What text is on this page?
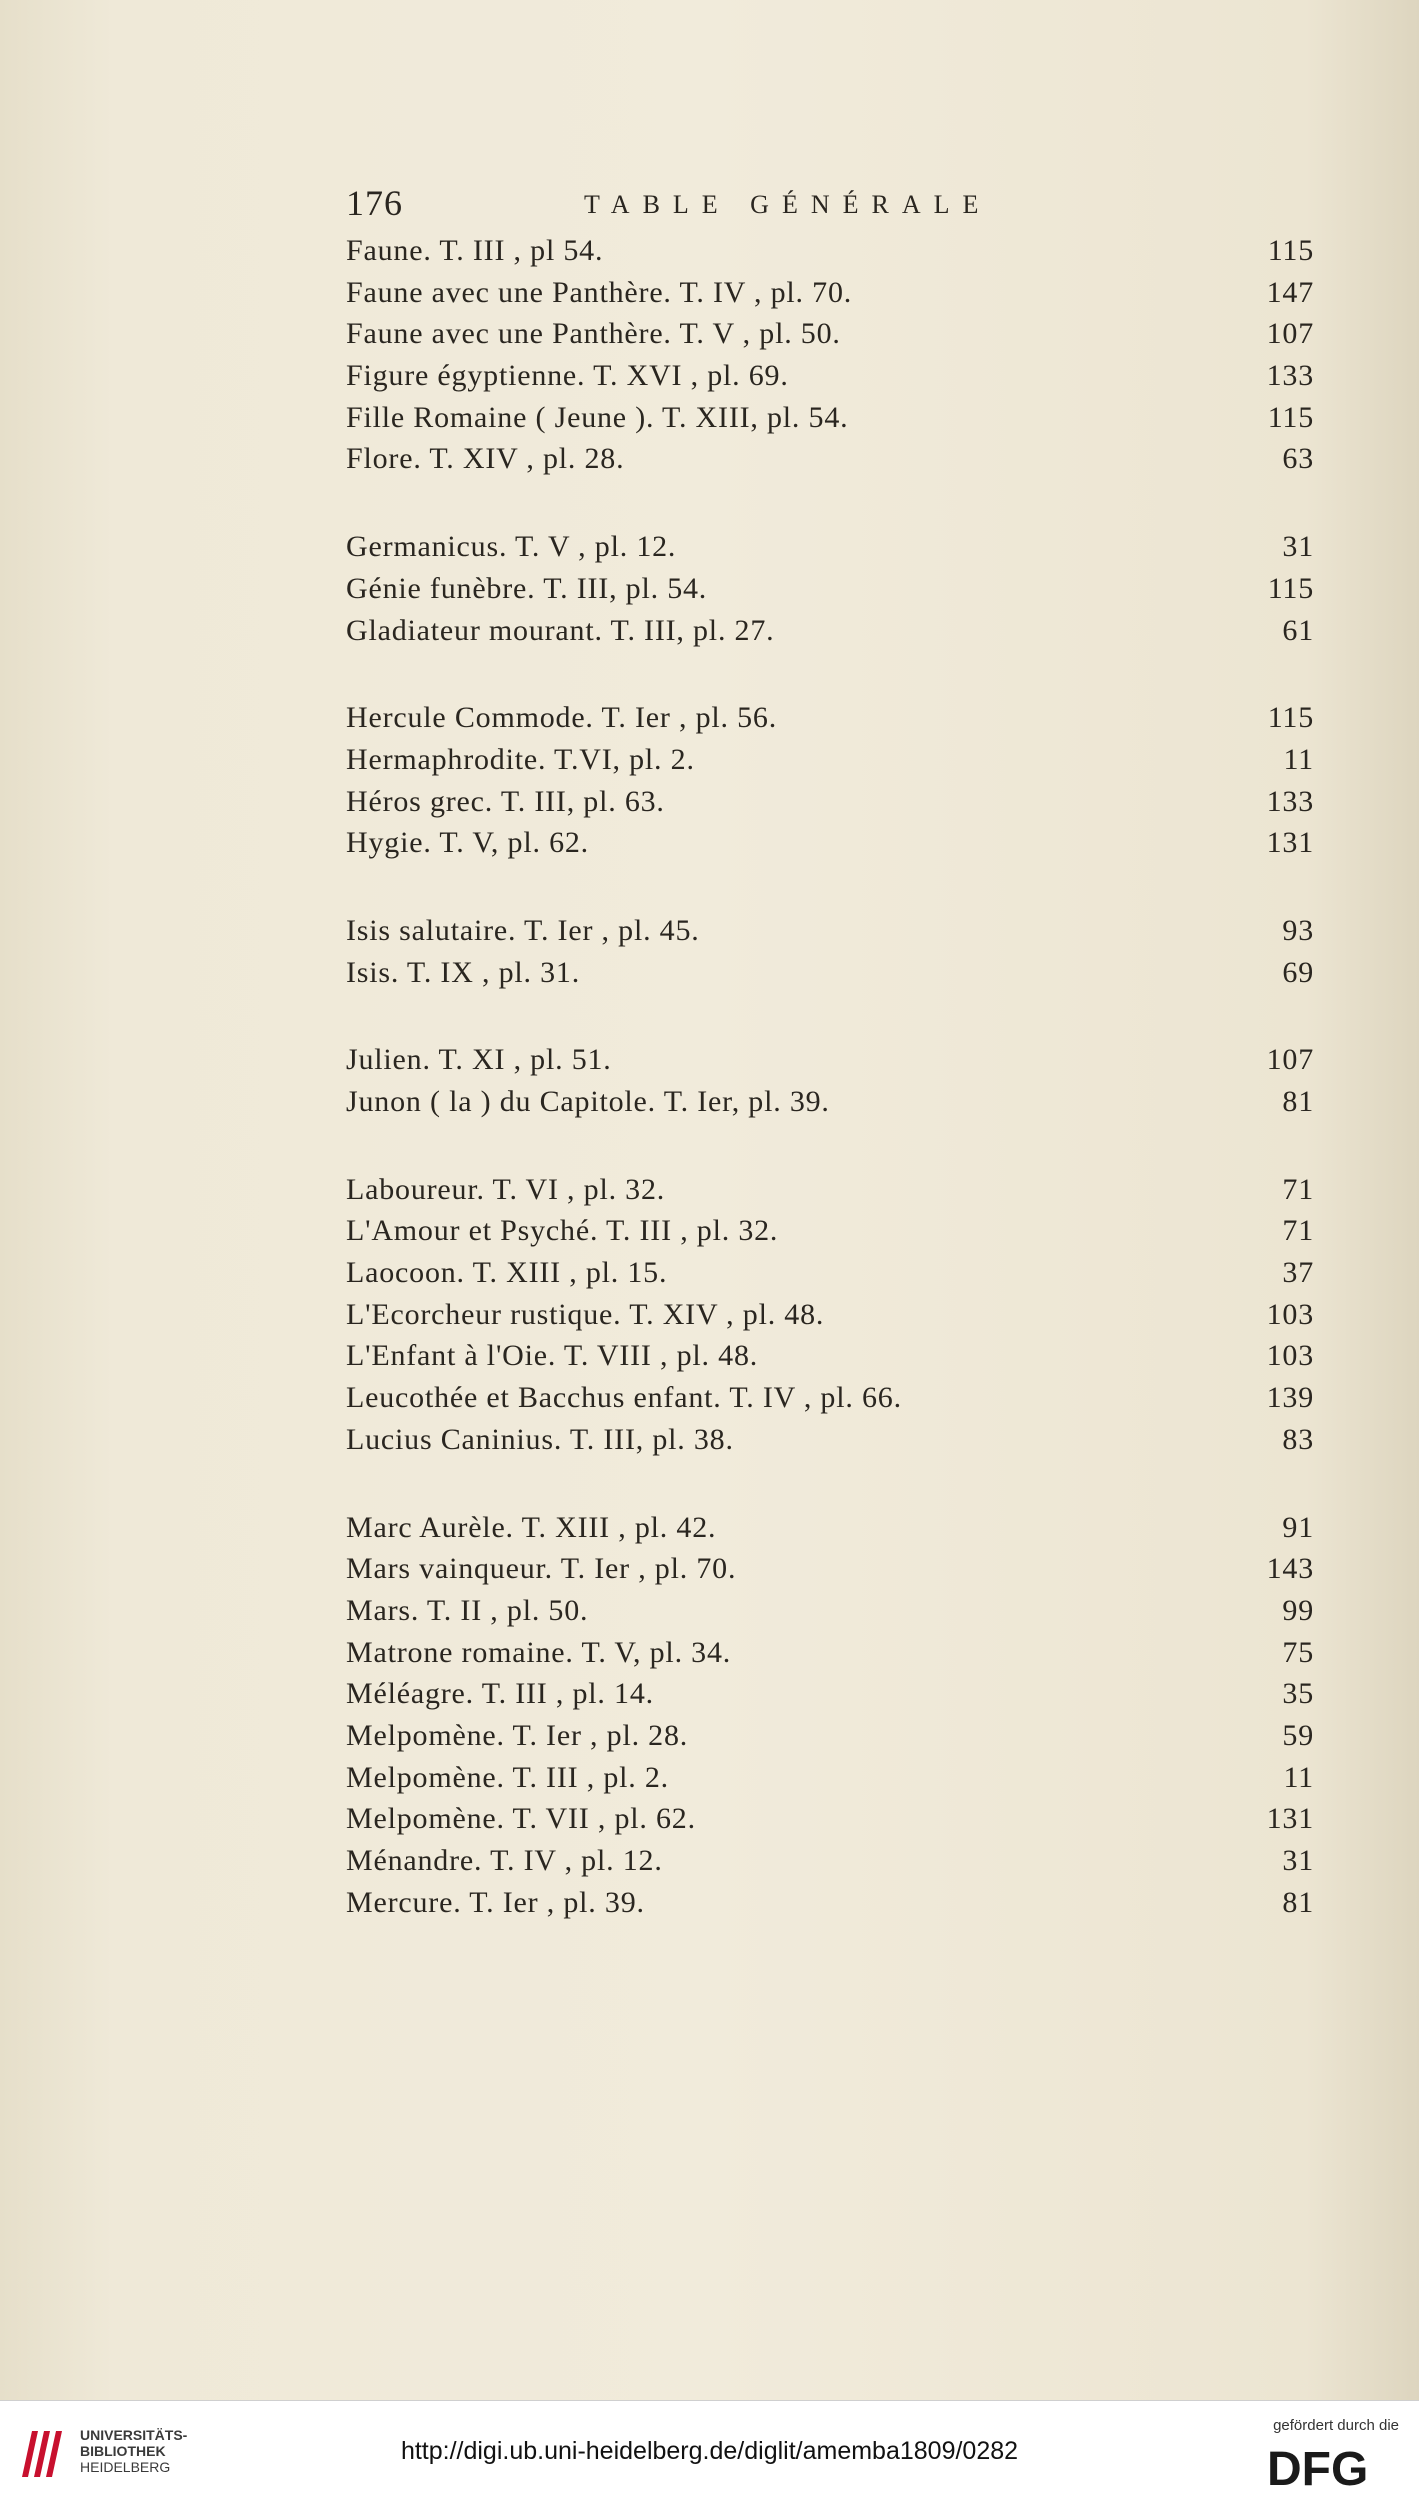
176	TABLE GÉNÉRALE
Faune. T. III , pl 54.	115
Faune avec une Panthère. T. IV , pl. 70.	147
Faune avec une Panthère. T. V , pl. 50.	107
Figure égyptienne. T. XVI , pl. 69.	133
Fille Romaine ( Jeune ). T. XIII, pl. 54.	115
Flore. T. XIV , pl. 28.	63
Germanicus. T. V , pl. 12.	31
Génie funèbre. T. III, pl. 54.	115
Gladiateur mourant. T. III, pl. 27.	61
Hercule Commode. T. Ier , pl. 56.	115
Hermaphrodite. T.VI, pl. 2.	11
Héros grec. T. III, pl. 63.	133
Hygie. T. V, pl. 62.	131
Isis salutaire. T. Ier , pl. 45.	93
Isis. T. IX , pl. 31.	69
Julien. T. XI , pl. 51.	107
Junon ( la ) du Capitole. T. Ier, pl. 39.	81
Laboureur. T. VI , pl. 32.	71
L'Amour et Psyché. T. III , pl. 32.	71
Laocoon. T. XIII , pl. 15.	37
L'Ecorcheur rustique. T. XIV , pl. 48.	103
L'Enfant à l'Oie. T. VIII , pl. 48.	103
Leucothée et Bacchus enfant. T. IV , pl. 66.	139
Lucius Caninius. T. III, pl. 38.	83
Marc Aurèle. T. XIII , pl. 42.	91
Mars vainqueur. T. Ier , pl. 70.	143
Mars. T. II , pl. 50.	99
Matrone romaine. T. V, pl. 34.	75
Méléagre. T. III , pl. 14.	35
Melpomène. T. Ier , pl. 28.	59
Melpomène. T. III , pl. 2.	11
Melpomène. T. VII , pl. 62.	131
Ménandre. T. IV , pl. 12.	31
Mercure. T. Ier , pl. 39.	81
UNIVERSITÄTS-
BIBLIOTHEK
HEIDELBERG
http://digi.ub.uni-heidelberg.de/diglit/amemba1809/0282
gefördert durch die
DFG
